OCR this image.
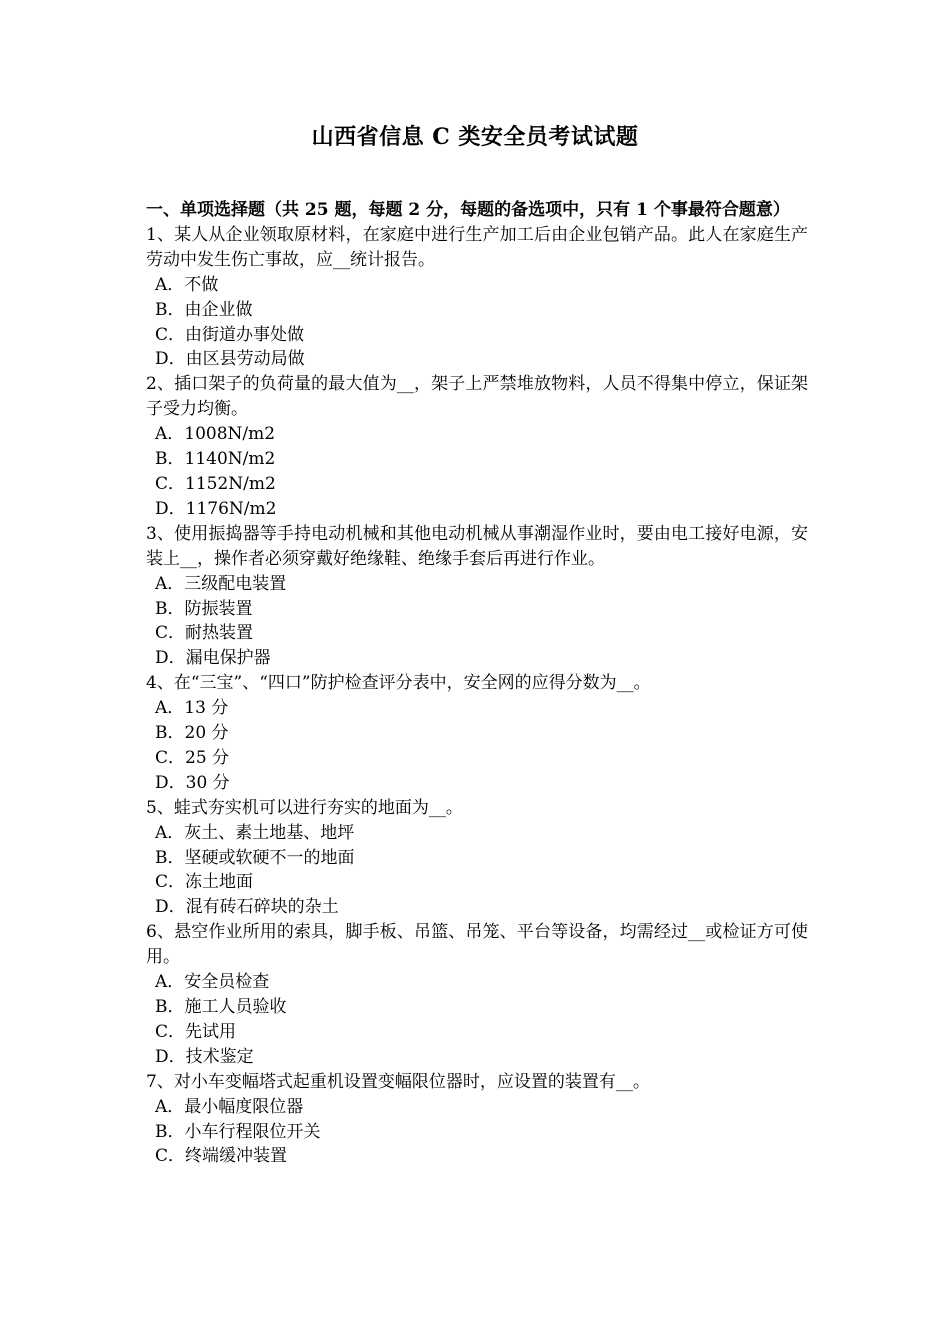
山西省信息 C 类安全员考试试题
一、单项选择题（共 25 题，每题 2 分，每题的备选项中，只有 1 个事最符合题意）
1、某人从企业领取原材料，在家庭中进行生产加工后由企业包销产品。此人在家庭生产劳动中发生伤亡事故，应__统计报告。
A．不做
B．由企业做
C．由街道办事处做
D．由区县劳动局做
2、插口架子的负荷量的最大值为__，架子上严禁堆放物料，人员不得集中停立，保证架子受力均衡。
A．1008N/m2
B．1140N/m2
C．1152N/m2
D．1176N/m2
3、使用振捣器等手持电动机械和其他电动机械从事潮湿作业时，要由电工接好电源，安装上__，操作者必须穿戴好绝缘鞋、绝缘手套后再进行作业。
A．三级配电装置
B．防振装置
C．耐热装置
D．漏电保护器
4、在“三宝”、“四口”防护检查评分表中，安全网的应得分数为__。
A．13 分
B．20 分
C．25 分
D．30 分
5、蛙式夯实机可以进行夯实的地面为__。
A．灰土、素土地基、地坪
B．坚硬或软硬不一的地面
C．冻土地面
D．混有砖石碎块的杂土
6、悬空作业所用的索具，脚手板、吊篮、吊笼、平台等设备，均需经过__或检证方可使用。
A．安全员检查
B．施工人员验收
C．先试用
D．技术鉴定
7、对小车变幅塔式起重机设置变幅限位器时，应设置的装置有__。
A．最小幅度限位器
B．小车行程限位开关
C．终端缓冲装置
